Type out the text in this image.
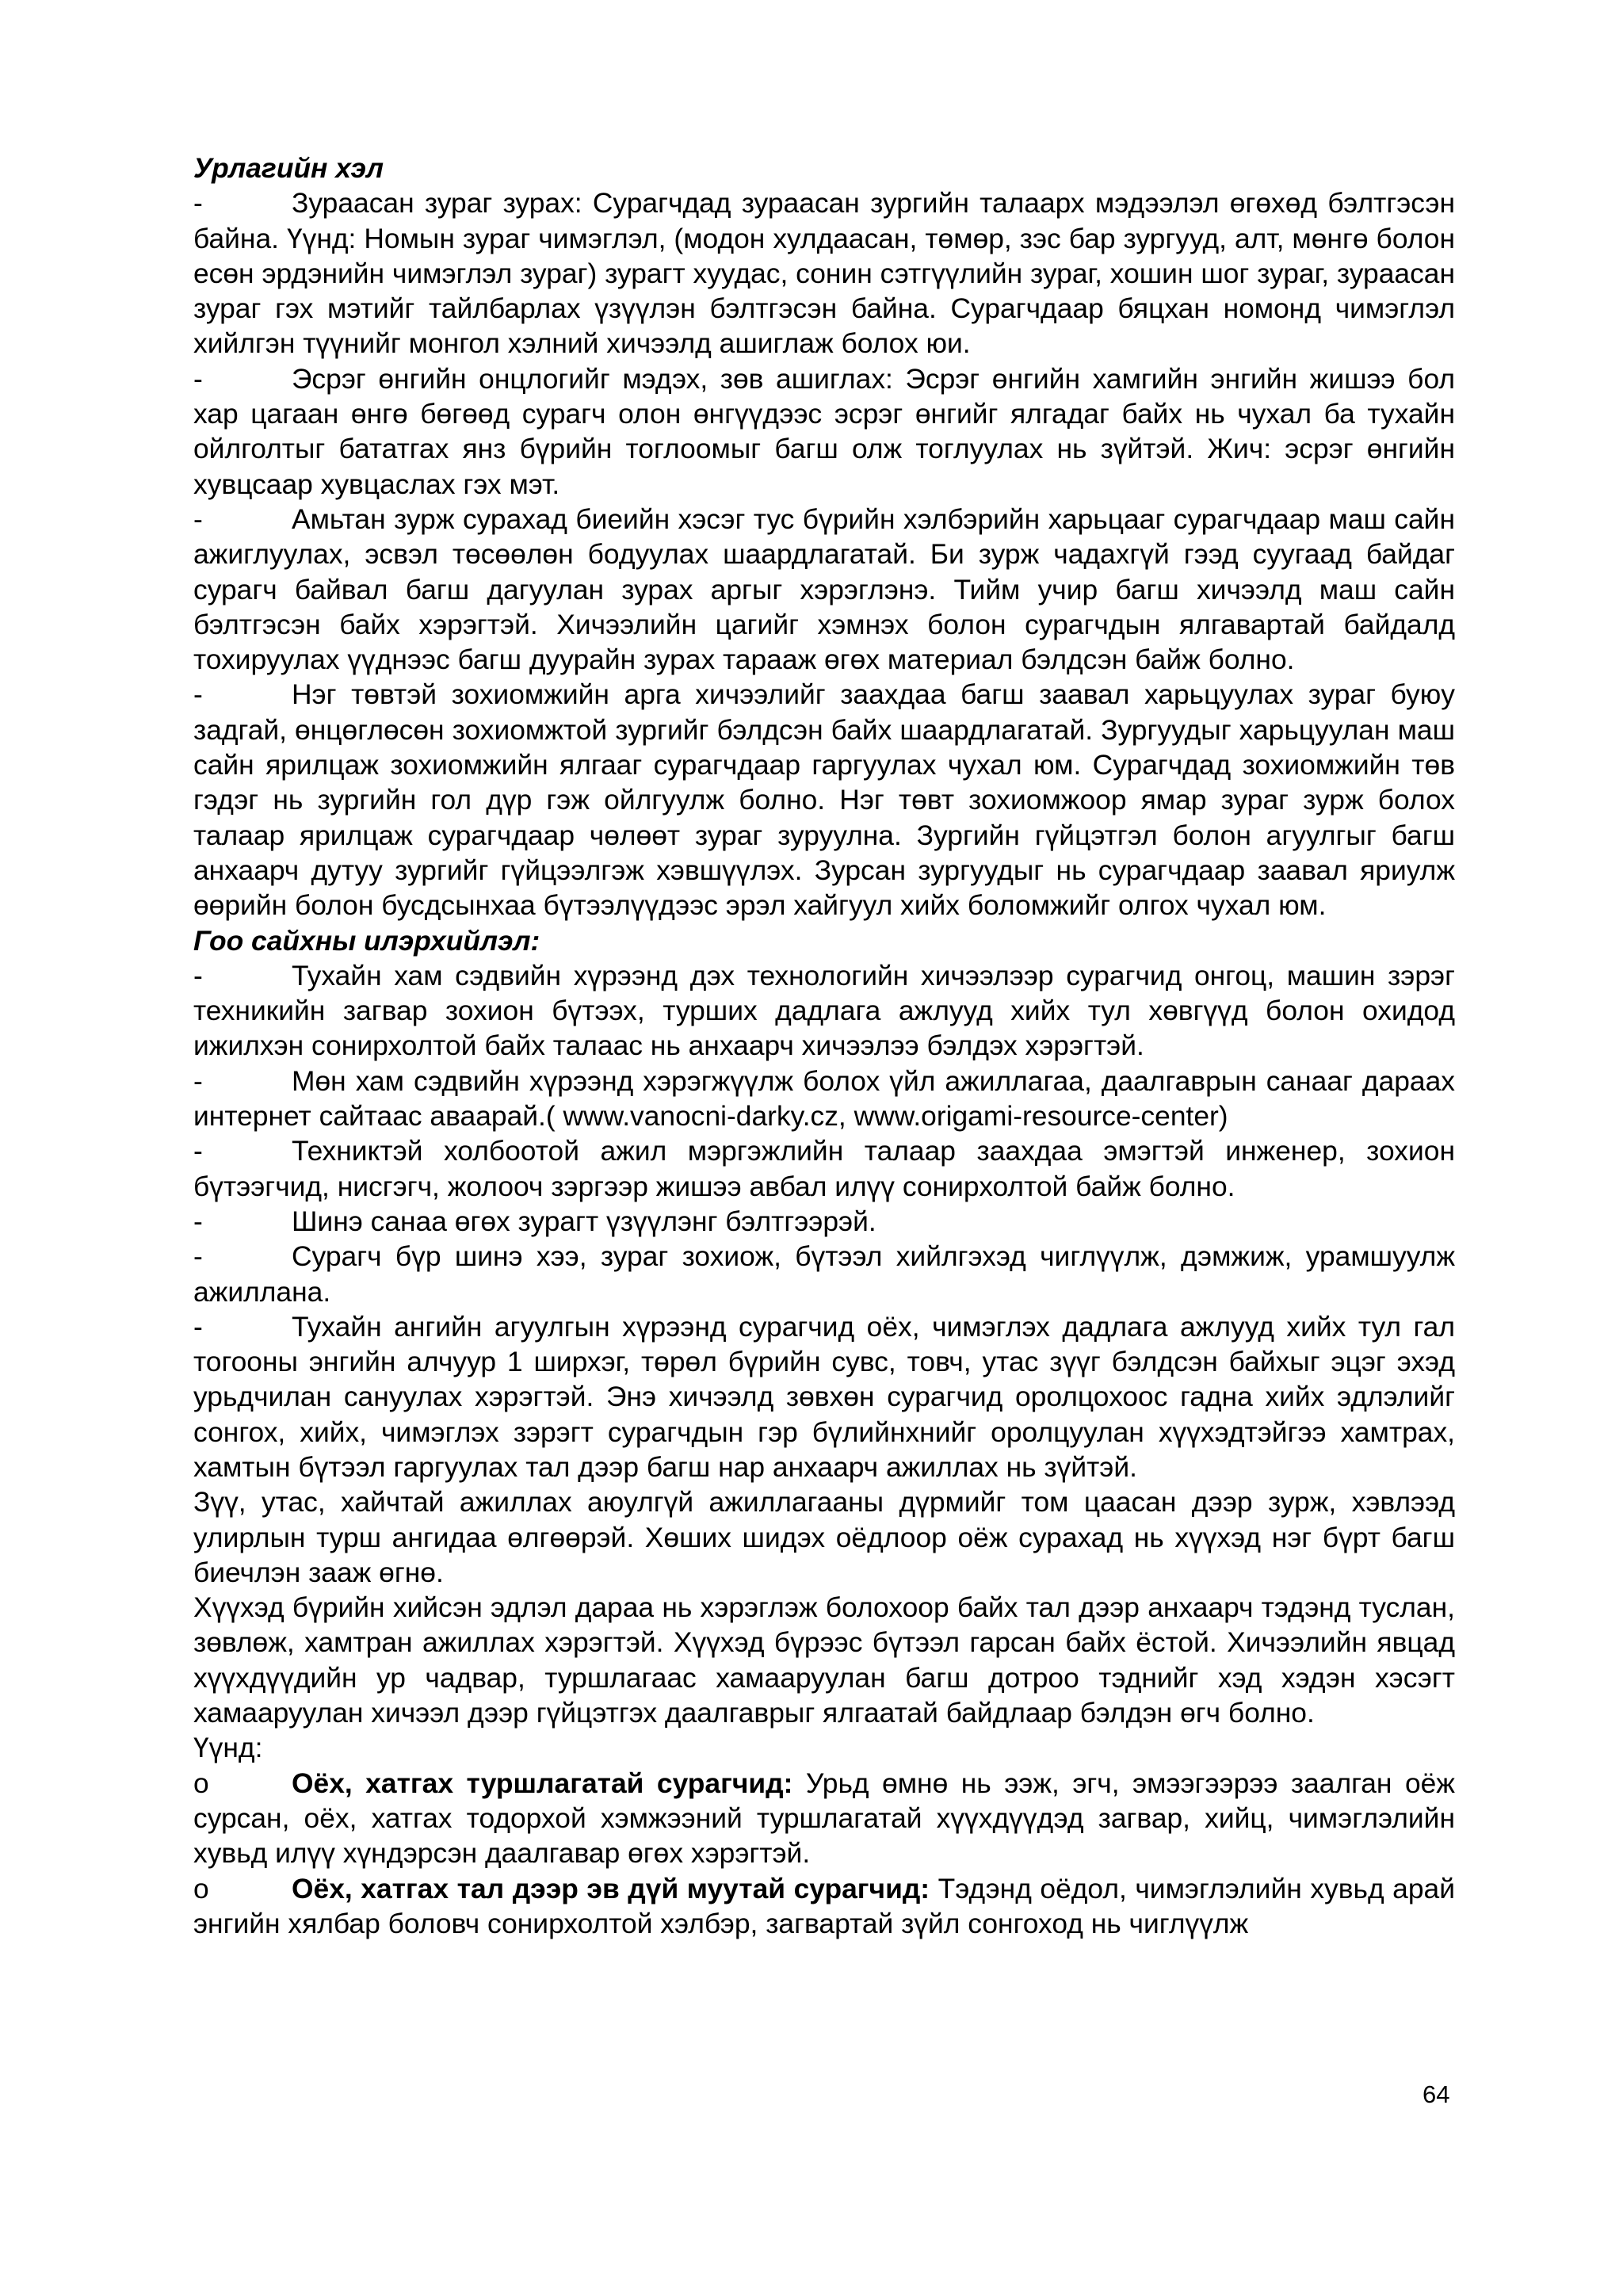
Урлагийн хэл

-	Зураасан зураг зурах: Сурагчдад зураасан зургийн талаарх мэдээлэл өгөхөд бэлтгэсэн байна. Үүнд: Номын зураг чимэглэл, (модон хулдаасан, төмөр, зэс бар зургууд, алт, мөнгө болон есөн эрдэнийн чимэглэл зураг) зурагт хуудас, сонин сэтгүүлийн зураг, хошин шог зураг, зураасан зураг гэх мэтийг тайлбарлах үзүүлэн бэлтгэсэн байна. Сурагчдаар бяцхан номонд чимэглэл хийлгэн түүнийг монгол хэлний хичээлд ашиглаж болох юи.

-	Эсрэг өнгийн онцлогийг мэдэх, зөв ашиглах: Эсрэг өнгийн хамгийн энгийн жишээ бол хар цагаан өнгө бөгөөд сурагч олон өнгүүдээс эсрэг өнгийг ялгадаг байх нь чухал ба тухайн ойлголтыг бататгах янз бүрийн тоглоомыг багш олж тоглуулах нь зүйтэй. Жич: эсрэг өнгийн хувцсаар хувцаслах гэх мэт.

-	Амьтан зурж сурахад биеийн хэсэг тус бүрийн хэлбэрийн харьцааг сурагчдаар маш сайн ажиглуулах, эсвэл төсөөлөн бодуулах шаардлагатай. Би зурж чадахгүй гээд суугаад байдаг сурагч байвал багш дагуулан зурах аргыг хэрэглэнэ. Тийм учир багш хичээлд маш сайн бэлтгэсэн байх хэрэгтэй. Хичээлийн цагийг хэмнэх болон сурагчдын ялгавартай байдалд тохируулах үүднээс багш дуурайн зурах тарааж өгөх материал бэлдсэн байж болно.

-	Нэг төвтэй зохиомжийн арга хичээлийг заахдаа багш заавал харьцуулах зураг буюу задгай, өнцөглөсөн зохиомжтой зургийг бэлдсэн байх шаардлагатай. Зургуудыг харьцуулан маш сайн ярилцаж зохиомжийн ялгааг сурагчдаар гаргуулах чухал юм. Сурагчдад зохиомжийн төв гэдэг нь зургийн гол дүр гэж ойлгуулж болно. Нэг төвт зохиомжоор ямар зураг зурж болох талаар ярилцаж сурагчдаар чөлөөт зураг зуруулна. Зургийн гүйцэтгэл болон агуулгыг багш анхаарч дутуу зургийг гүйцээлгэж хэвшүүлэх. Зурсан зургуудыг нь сурагчдаар заавал яриулж өөрийн болон бусдсынхаа бүтээлүүдээс эрэл хайгуул хийх боломжийг олгох чухал юм.

Гоо сайхны илэрхийлэл:

-	Тухайн хам сэдвийн хүрээнд дэх технологийн хичээлээр сурагчид онгоц, машин зэрэг техникийн загвар зохион бүтээх, турших дадлага ажлууд хийх тул хөвгүүд болон охидод ижилхэн сонирхолтой байх талаас нь анхаарч хичээлээ бэлдэх хэрэгтэй.

-	Мөн хам сэдвийн хүрээнд хэрэгжүүлж болох үйл ажиллагаа, даалгаврын санааг дараах интернет сайтаас аваарай.( www.vanocni-darky.cz, www.origami-resource-center)

-	Техниктэй холбоотой ажил мэргэжлийн талаар заахдаа эмэгтэй инженер, зохион бүтээгчид, нисгэгч, жолооч зэргээр жишээ авбал илүү сонирхолтой байж болно.

-	Шинэ санаа өгөх зурагт үзүүлэнг бэлтгээрэй.

-	Сурагч бүр шинэ хээ, зураг зохиож, бүтээл хийлгэхэд чиглүүлж, дэмжиж, урамшуулж ажиллана.

-	Тухайн ангийн агуулгын хүрээнд сурагчид оёх, чимэглэх дадлага ажлууд хийх тул гал тогооны энгийн алчуур 1 ширхэг, төрөл бүрийн сувс, товч, утас зүүг бэлдсэн байхыг эцэг эхэд урьдчилан сануулах хэрэгтэй. Энэ хичээлд зөвхөн сурагчид оролцохоос гадна хийх эдлэлийг сонгох, хийх, чимэглэх зэрэгт сурагчдын гэр бүлийнхнийг оролцуулан хүүхэдтэйгээ хамтрах, хамтын бүтээл гаргуулах тал дээр багш нар анхаарч ажиллах нь зүйтэй.

Зүү, утас, хайчтай ажиллах аюулгүй ажиллагааны дүрмийг том цаасан дээр зурж, хэвлээд улирлын турш ангидаа өлгөөрэй. Хөших шидэх оёдлоор оёж сурахад нь хүүхэд нэг бүрт багш биечлэн зааж өгнө.

Хүүхэд бүрийн хийсэн эдлэл дараа нь хэрэглэж болохоор байх тал дээр анхаарч тэдэнд туслан, зөвлөж, хамтран ажиллах хэрэгтэй. Хүүхэд бүрээс бүтээл гарсан байх ёстой. Хичээлийн явцад хүүхдүүдийн ур чадвар, туршлагаас хамааруулан багш дотроо тэднийг хэд хэдэн хэсэгт хамааруулан хичээл дээр гүйцэтгэх даалгаврыг ялгаатай байдлаар бэлдэн өгч болно.

Үүнд:

o	Оёх, хатгах туршлагатай сурагчид: Урьд өмнө нь ээж, эгч, эмээгээрээ заалган оёж сурсан, оёх, хатгах тодорхой хэмжээний туршлагатай хүүхдүүдэд загвар, хийц, чимэглэлийн хувьд илүү хүндэрсэн даалгавар өгөх хэрэгтэй.

o	Оёх, хатгах тал дээр эв дүй муутай сурагчид: Тэдэнд оёдол, чимэглэлийн хувьд арай энгийн хялбар боловч сонирхолтой хэлбэр, загвартай зүйл сонгоход нь чиглүүлж

64
